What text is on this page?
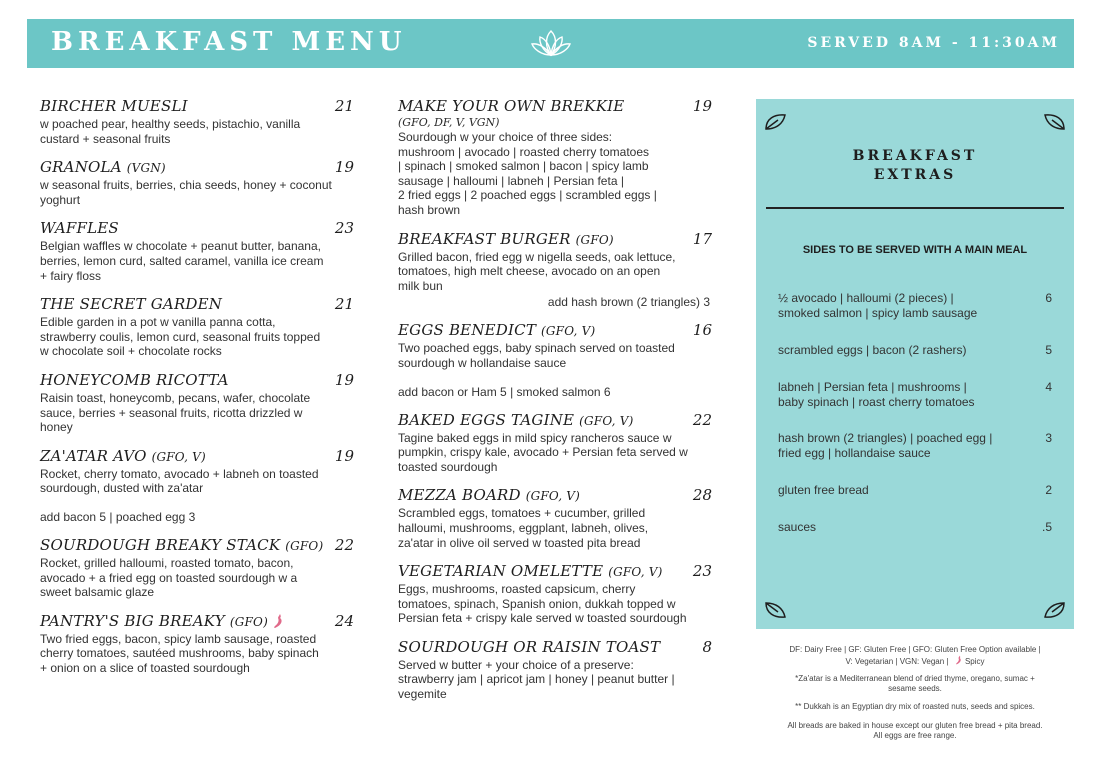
BREAKFAST MENU	SERVED 8AM - 11:30AM
BIRCHER MUESLI	21
w poached pear, healthy seeds, pistachio, vanilla
custard + seasonal fruits
GRANOLA (VGN)	19
w seasonal fruits, berries, chia seeds, honey + coconut
yoghurt
WAFFLES	23
Belgian waffles w chocolate + peanut butter, banana,
berries, lemon curd, salted caramel, vanilla ice cream
+ fairy floss
THE SECRET GARDEN	21
Edible garden in a pot w vanilla panna cotta,
strawberry coulis, lemon curd, seasonal fruits topped
w chocolate soil + chocolate rocks
HONEYCOMB RICOTTA	19
Raisin toast, honeycomb, pecans, wafer, chocolate
sauce, berries + seasonal fruits, ricotta drizzled w
honey
ZA'ATAR AVO (GFO, V)	19
Rocket, cherry tomato, avocado + labneh on toasted
sourdough, dusted with za'atar
add bacon 5 | poached egg 3
SOURDOUGH BREAKY STACK (GFO) 22
Rocket, grilled halloumi, roasted tomato, bacon,
avocado + a fried egg on toasted sourdough w a
sweet balsamic glaze
PANTRY'S BIG BREAKY (GFO)	24
Two fried eggs, bacon, spicy lamb sausage, roasted
cherry tomatoes, sautéed mushrooms, baby spinach
+ onion on a slice of toasted sourdough
MAKE YOUR OWN BREKKIE	19
(GFO, DF, V, VGN)
Sourdough w your choice of three sides:
mushroom | avocado | roasted cherry tomatoes
| spinach | smoked salmon | bacon | spicy lamb
sausage | halloumi | labneh | Persian feta |
2 fried eggs | 2 poached eggs | scrambled eggs |
hash brown
BREAKFAST BURGER (GFO)	17
Grilled bacon, fried egg w nigella seeds, oak lettuce,
tomatoes, high melt cheese, avocado on an open
milk bun
add hash brown (2 triangles) 3
EGGS BENEDICT (GFO, V)	16
Two poached eggs, baby spinach served on toasted
sourdough w hollandaise sauce
add bacon or Ham 5 | smoked salmon 6
BAKED EGGS TAGINE (GFO, V)	22
Tagine baked eggs in mild spicy rancheros sauce w
pumpkin, crispy kale, avocado + Persian feta served w
toasted sourdough
MEZZA BOARD (GFO, V)	28
Scrambled eggs, tomatoes + cucumber, grilled
halloumi, mushrooms, eggplant, labneh, olives,
za'atar in olive oil served w toasted pita bread
VEGETARIAN OMELETTE (GFO, V) 23
Eggs, mushrooms, roasted capsicum, cherry
tomatoes, spinach, Spanish onion, dukkah topped w
Persian feta + crispy kale served w toasted sourdough
SOURDOUGH OR RAISIN TOAST	8
Served w butter + your choice of a preserve:
strawberry jam | apricot jam | honey | peanut butter |
vegemite
BREAKFAST
EXTRAS
SIDES TO BE SERVED WITH A MAIN MEAL
½ avocado | halloumi (2 pieces) |
smoked salmon | spicy lamb sausage
6
scrambled eggs | bacon (2 rashers)	5
labneh | Persian feta | mushrooms |
baby spinach | roast cherry tomatoes
4
hash brown (2 triangles) | poached egg |
fried egg | hollandaise sauce
3
gluten free bread	2
sauces	.5
DF: Dairy Free | GF: Gluten Free | GFO: Gluten Free Option available |
V: Vegetarian | VGN: Vegan | Spicy
*Za'atar is a Mediterranean blend of dried thyme, oregano, sumac +
sesame seeds.
** Dukkah is an Egyptian dry mix of roasted nuts, seeds and spices.
All breads are baked in house except our gluten free bread + pita bread.
All eggs are free range.
